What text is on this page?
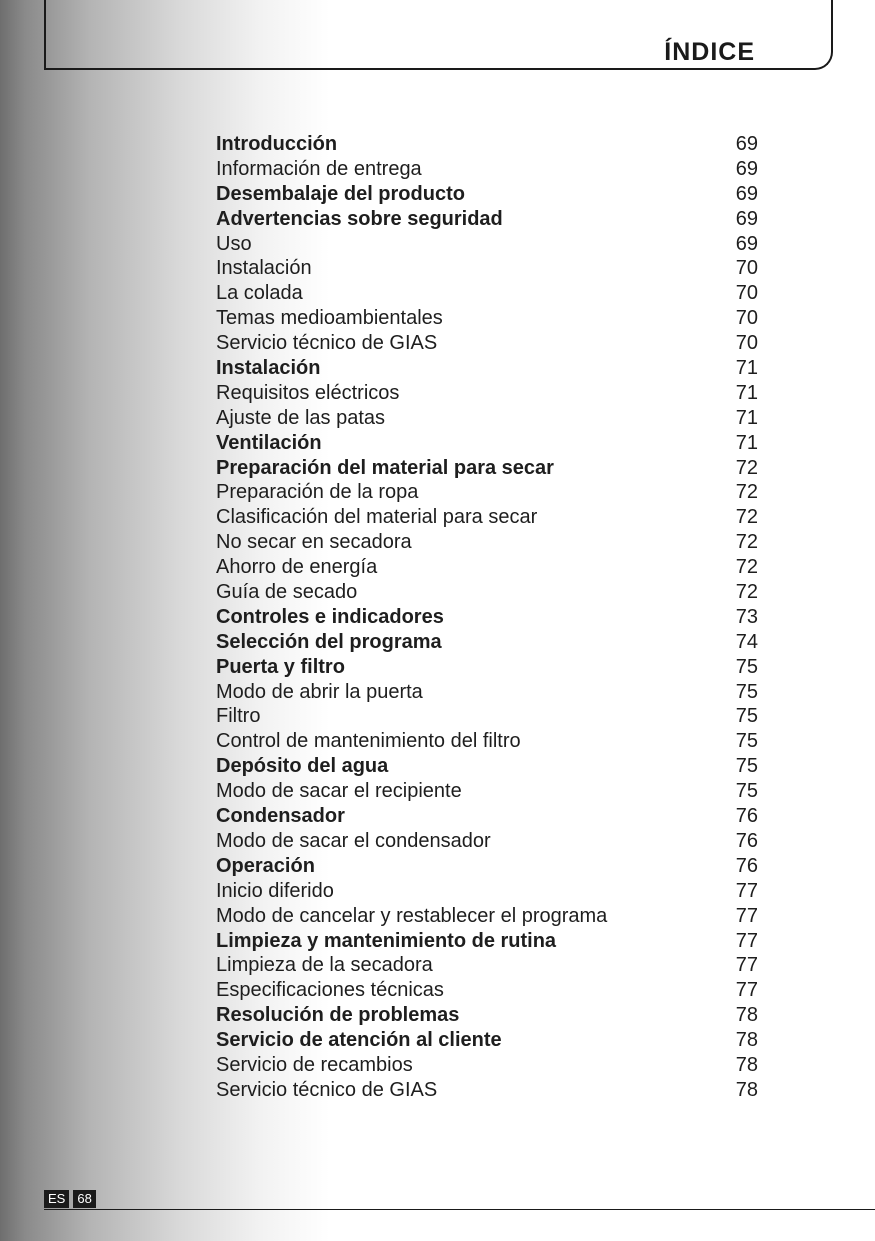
ÍNDICE
Introducción	69
Información de entrega	69
Desembalaje del producto	69
Advertencias sobre seguridad	69
Uso	69
Instalación	70
La colada	70
Temas medioambientales	70
Servicio técnico de GIAS	70
Instalación	71
Requisitos eléctricos	71
Ajuste de las patas	71
Ventilación	71
Preparación del material para secar	72
Preparación de la ropa	72
Clasificación del material para secar	72
No secar en secadora	72
Ahorro de energía	72
Guía de secado	72
Controles e indicadores	73
Selección del programa	74
Puerta y filtro	75
Modo de abrir la puerta	75
Filtro	75
Control de mantenimiento del filtro	75
Depósito del agua	75
Modo de sacar el recipiente	75
Condensador	76
Modo de sacar el condensador	76
Operación	76
Inicio diferido	77
Modo de cancelar y restablecer el programa	77
Limpieza y mantenimiento de rutina	77
Limpieza de la secadora	77
Especificaciones técnicas	77
Resolución de problemas	78
Servicio de atención al cliente	78
Servicio de recambios	78
Servicio técnico de GIAS	78
ES 68
